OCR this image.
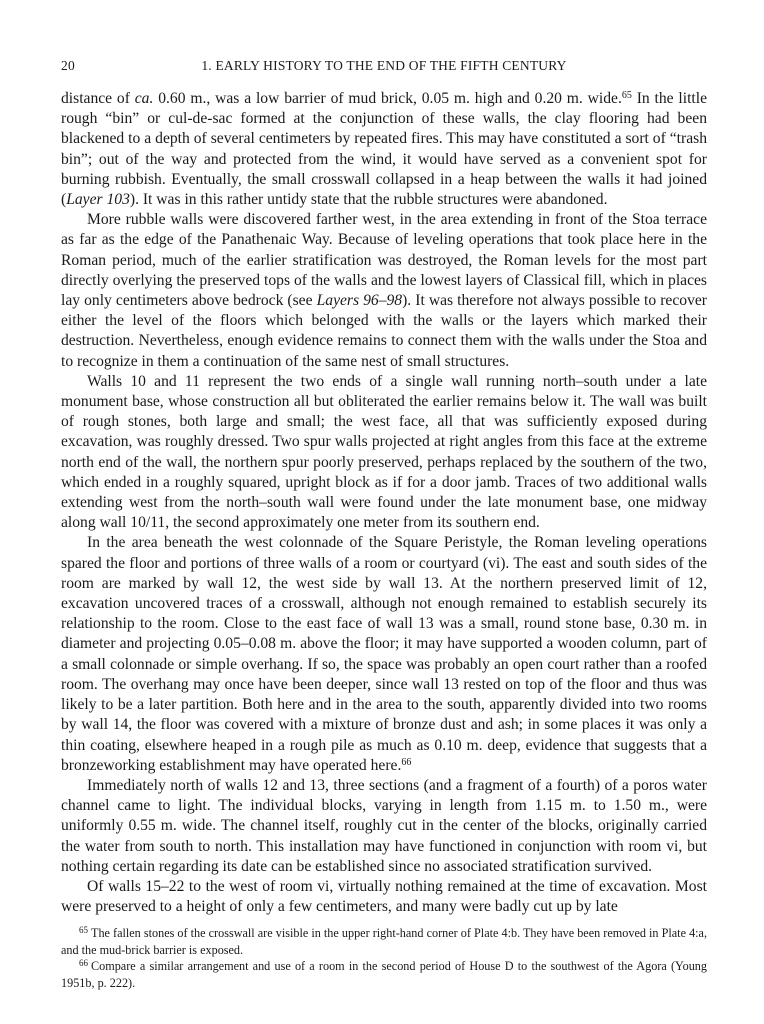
20	1. EARLY HISTORY TO THE END OF THE FIFTH CENTURY

distance of ca. 0.60 m., was a low barrier of mud brick, 0.05 m. high and 0.20 m. wide.$^{65}$ In the little rough “bin” or cul-de-sac formed at the conjunction of these walls, the clay flooring had been blackened to a depth of several centimeters by repeated fires. This may have constituted a sort of “trash bin”; out of the way and protected from the wind, it would have served as a convenient spot for burning rubbish. Eventually, the small crosswall collapsed in a heap between the walls it had joined (Layer 103). It was in this rather untidy state that the rubble structures were abandoned.

More rubble walls were discovered farther west, in the area extending in front of the Stoa terrace as far as the edge of the Panathenaic Way. Because of leveling operations that took place here in the Roman period, much of the earlier stratification was destroyed, the Roman levels for the most part directly overlying the preserved tops of the walls and the lowest layers of Classical fill, which in places lay only centimeters above bedrock (see Layers 96–98). It was therefore not always possible to recover either the level of the floors which belonged with the walls or the layers which marked their destruction. Nevertheless, enough evidence remains to connect them with the walls under the Stoa and to recognize in them a continuation of the same nest of small structures.

Walls 10 and 11 represent the two ends of a single wall running north–south under a late monument base, whose construction all but obliterated the earlier remains below it. The wall was built of rough stones, both large and small; the west face, all that was sufficiently exposed during excavation, was roughly dressed. Two spur walls projected at right angles from this face at the extreme north end of the wall, the northern spur poorly preserved, perhaps replaced by the southern of the two, which ended in a roughly squared, upright block as if for a door jamb. Traces of two additional walls extending west from the north–south wall were found under the late monument base, one midway along wall 10/11, the second approximately one meter from its southern end.

In the area beneath the west colonnade of the Square Peristyle, the Roman leveling operations spared the floor and portions of three walls of a room or courtyard (vi). The east and south sides of the room are marked by wall 12, the west side by wall 13. At the northern preserved limit of 12, excavation uncovered traces of a crosswall, although not enough remained to establish securely its relationship to the room. Close to the east face of wall 13 was a small, round stone base, 0.30 m. in diameter and projecting 0.05–0.08 m. above the floor; it may have supported a wooden column, part of a small colonnade or simple overhang. If so, the space was probably an open court rather than a roofed room. The overhang may once have been deeper, since wall 13 rested on top of the floor and thus was likely to be a later partition. Both here and in the area to the south, apparently divided into two rooms by wall 14, the floor was covered with a mixture of bronze dust and ash; in some places it was only a thin coating, elsewhere heaped in a rough pile as much as 0.10 m. deep, evidence that suggests that a bronzeworking establishment may have operated here.$^{66}$

Immediately north of walls 12 and 13, three sections (and a fragment of a fourth) of a poros water channel came to light. The individual blocks, varying in length from 1.15 m. to 1.50 m., were uniformly 0.55 m. wide. The channel itself, roughly cut in the center of the blocks, originally carried the water from south to north. This installation may have functioned in conjunction with room vi, but nothing certain regarding its date can be established since no associated stratification survived.

Of walls 15–22 to the west of room vi, virtually nothing remained at the time of excavation. Most were preserved to a height of only a few centimeters, and many were badly cut up by late

$^{65}$ The fallen stones of the crosswall are visible in the upper right-hand corner of Plate 4:b. They have been removed in Plate 4:a, and the mud-brick barrier is exposed.

$^{66}$ Compare a similar arrangement and use of a room in the second period of House D to the southwest of the Agora (Young 1951b, p. 222).
